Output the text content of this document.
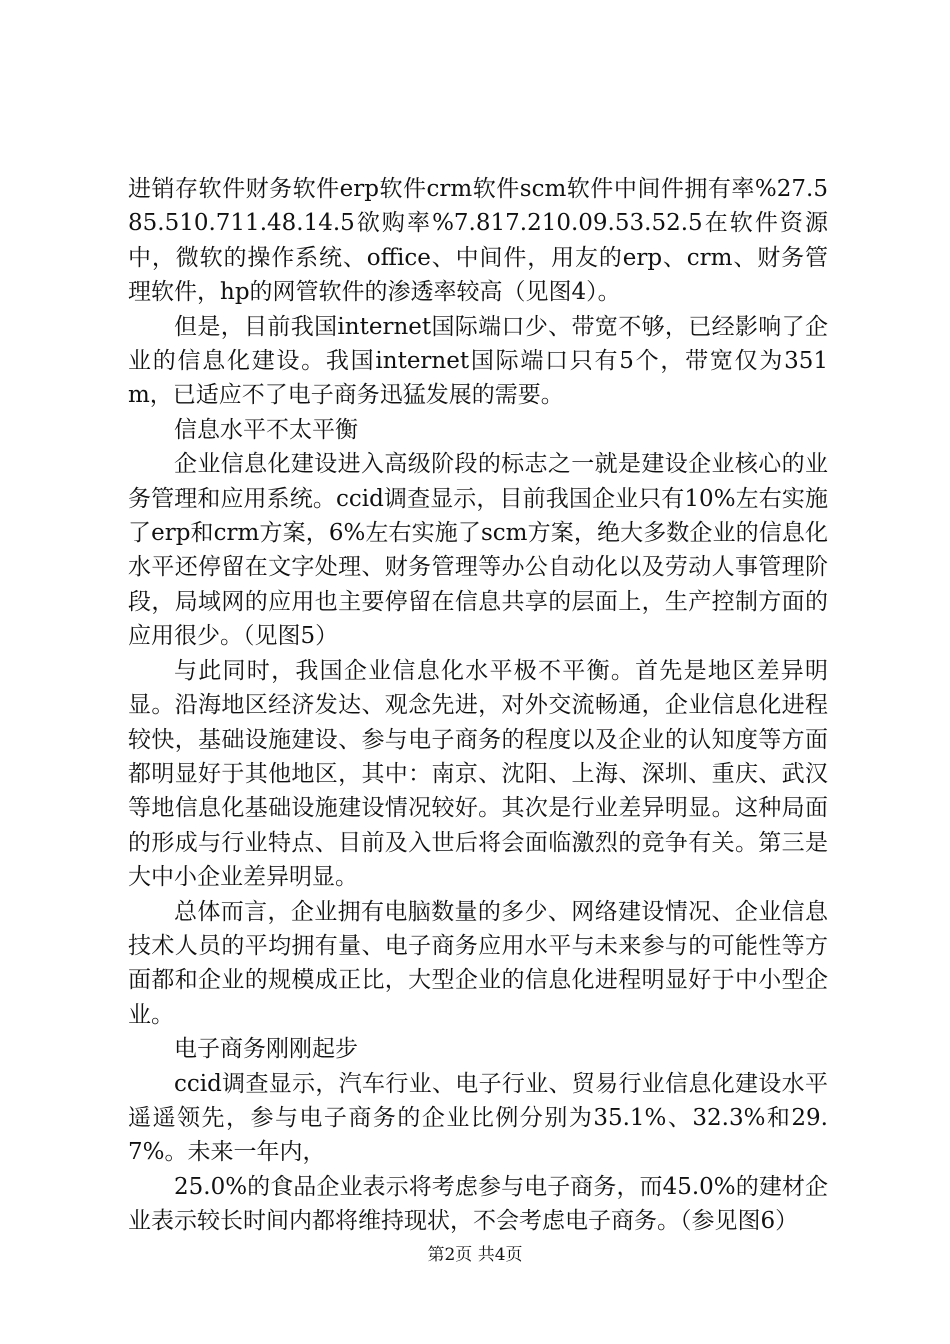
进销存软件财务软件erp软件crm软件scm软件中间件拥有率%27.585.510.711.48.14.5欲购率%7.817.210.09.53.52.5在软件资源中，微软的操作系统、office、中间件，用友的erp、crm、财务管理软件，hp的网管软件的渗透率较高（见图4）。

但是，目前我国internet国际端口少、带宽不够，已经影响了企业的信息化建设。我国internet国际端口只有5个，带宽仅为351m，已适应不了电子商务迅猛发展的需要。

信息水平不太平衡

企业信息化建设进入高级阶段的标志之一就是建设企业核心的业务管理和应用系统。ccid调查显示，目前我国企业只有10%左右实施了erp和crm方案，6%左右实施了scm方案，绝大多数企业的信息化水平还停留在文字处理、财务管理等办公自动化以及劳动人事管理阶段，局域网的应用也主要停留在信息共享的层面上，生产控制方面的应用很少。（见图5）

与此同时，我国企业信息化水平极不平衡。首先是地区差异明显。沿海地区经济发达、观念先进，对外交流畅通，企业信息化进程较快，基础设施建设、参与电子商务的程度以及企业的认知度等方面都明显好于其他地区，其中：南京、沈阳、上海、深圳、重庆、武汉等地信息化基础设施建设情况较好。其次是行业差异明显。这种局面的形成与行业特点、目前及入世后将会面临激烈的竞争有关。第三是大中小企业差异明显。

总体而言，企业拥有电脑数量的多少、网络建设情况、企业信息技术人员的平均拥有量、电子商务应用水平与未来参与的可能性等方面都和企业的规模成正比，大型企业的信息化进程明显好于中小型企业。

电子商务刚刚起步

ccid调查显示，汽车行业、电子行业、贸易行业信息化建设水平遥遥领先，参与电子商务的企业比例分别为35.1%、32.3%和29.7%。未来一年内，

25.0%的食品企业表示将考虑参与电子商务，而45.0%的建材企业表示较长时间内都将维持现状，不会考虑电子商务。（参见图6）

第2页 共4页
